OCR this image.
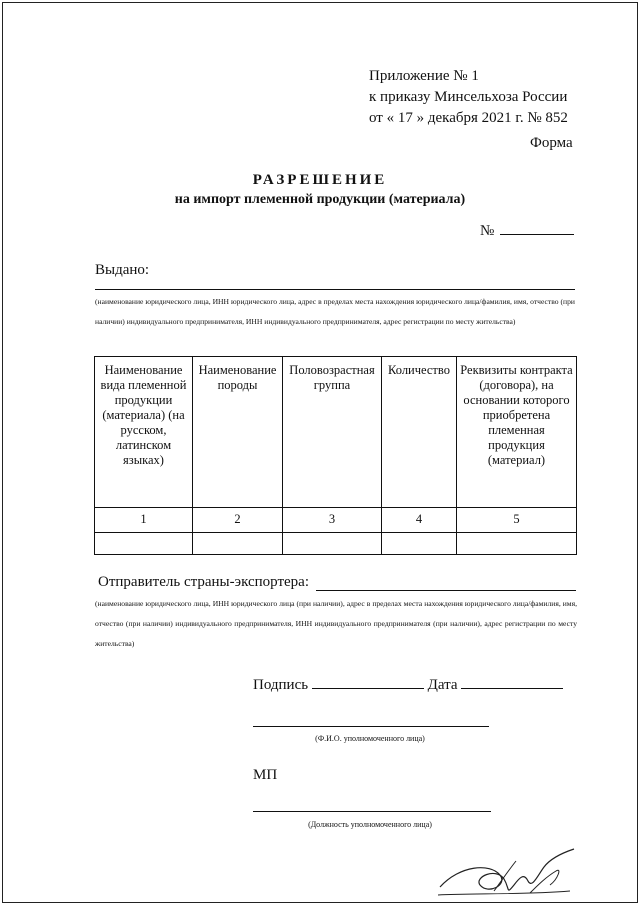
Приложение № 1
к приказу Минсельхоза России
от « 17 » декабря 2021 г. № 852
Форма
РАЗРЕШЕНИЕ
на импорт племенной продукции (материала)
№
Выдано:
(наименование юридического лица, ИНН юридического лица, адрес в пределах места нахождения юридического лица/фамилия, имя, отчество (при наличии) индивидуального предпринимателя, ИНН индивидуального предпринимателя, адрес регистрации по месту жительства)
Наименование вида племенной продукции (материала) (на русском, латинском языках)	Наименование породы	Половозрастная группа	Количество	Реквизиты контракта (договора), на основании которого приобретена племенная продукция (материал)
1	2	3	4	5

Отправитель страны-экспортера:
(наименование юридического лица, ИНН юридического лица (при наличии), адрес в пределах места нахождения юридического лица/фамилия, имя, отчество (при наличии) индивидуального предпринимателя, ИНН индивидуального предпринимателя (при наличии), адрес регистрации по месту жительства)
Подпись	Дата
(Ф.И.О. уполномоченного лица)
МП
(Должность уполномоченного лица)
